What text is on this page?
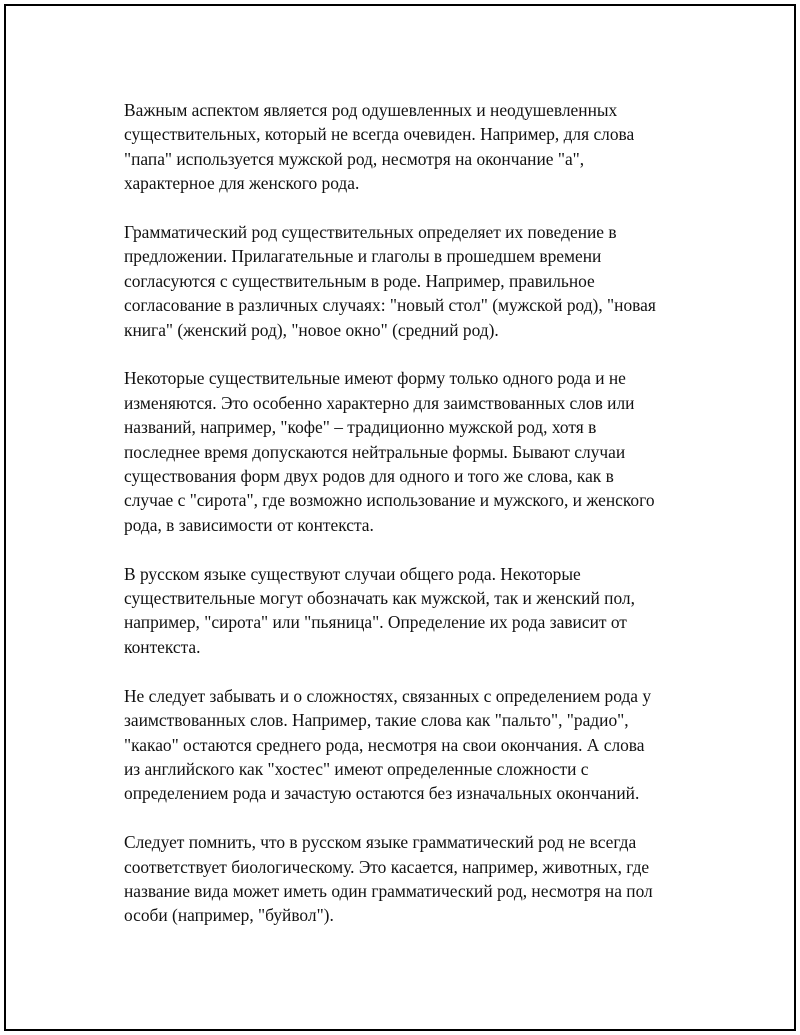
Важным аспектом является род одушевленных и неодушевленных
существительных, который не всегда очевиден. Например, для слова
"папа" используется мужской род, несмотря на окончание "а",
характерное для женского рода.

Грамматический род существительных определяет их поведение в
предложении. Прилагательные и глаголы в прошедшем времени
согласуются с существительным в роде. Например, правильное
согласование в различных случаях: "новый стол" (мужской род), "новая
книга" (женский род), "новое окно" (средний род).

Некоторые существительные имеют форму только одного рода и не
изменяются. Это особенно характерно для заимствованных слов или
названий, например, "кофе" – традиционно мужской род, хотя в
последнее время допускаются нейтральные формы. Бывают случаи
существования форм двух родов для одного и того же слова, как в
случае с "сирота", где возможно использование и мужского, и женского
рода, в зависимости от контекста.

В русском языке существуют случаи общего рода. Некоторые
существительные могут обозначать как мужской, так и женский пол,
например, "сирота" или "пьяница". Определение их рода зависит от
контекста.

Не следует забывать и о сложностях, связанных с определением рода у
заимствованных слов. Например, такие слова как "пальто", "радио",
"какао" остаются среднего рода, несмотря на свои окончания. А слова
из английского как "хостес" имеют определенные сложности с
определением рода и зачастую остаются без изначальных окончаний.

Следует помнить, что в русском языке грамматический род не всегда
соответствует биологическому. Это касается, например, животных, где
название вида может иметь один грамматический род, несмотря на пол
особи (например, "буйвол").
